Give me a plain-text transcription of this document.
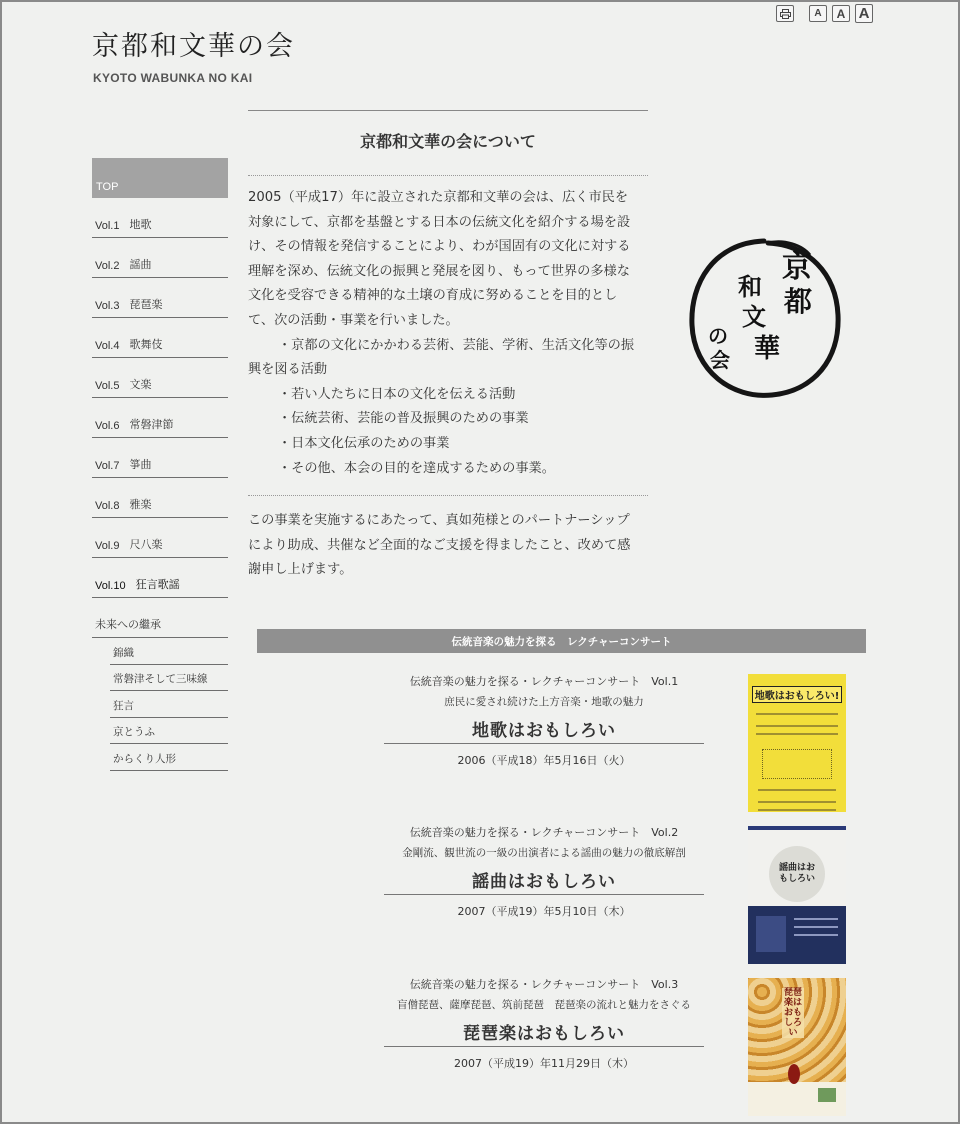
京都和文華の会
KYOTO WABUNKA NO KAI
A	A A
TOP
Vol.1 地歌
Vol.2 謡曲
Vol.3 琵琶楽
Vol.4 歌舞伎
Vol.5 文楽
Vol.6 常磐津節
Vol.7 箏曲
Vol.8 雅楽
Vol.9 尺八楽
Vol.10 狂言歌謡
未来への繼承
錦織
常磐津そして三味線
狂言
京とうふ
からくり人形
京都和文華の会について

2005（平成17）年に設立された京都和文華の会は、広く市民を

対象にして、京都を基盤とする日本の伝統文化を紹介する場を設

け、その情報を発信することにより、わが国固有の文化に対する

理解を深め、伝統文化の振興と発展を図り、もって世界の多様な

文化を受容できる精神的な土壌の育成に努めることを目的とし

て、次の活動・事業を行いました。

・京都の文化にかかわる芸術、芸能、学術、生活文化等の振

興を図る活動

・若い人たちに日本の文化を伝える活動

・伝統芸術、芸能の普及振興のための事業

・日本文化伝承のための事業

・その他、本会の目的を達成するための事業。

この事業を実施するにあたって、真如苑様とのパートナーシップ

により助成、共催など全面的なご支援を得ましたこと、改めて感

謝申し上げます。

京
都
和
文
華
の
会
伝統音楽の魅力を探る　レクチャーコンサート
伝統音楽の魅力を探る・レクチャーコンサート　Vol.1
庶民に愛され続けた上方音楽・地歌の魅力
地歌はおもしろい
2006（平成18）年5月16日（火）
地歌はおもしろい!
伝統音楽の魅力を探る・レクチャーコンサート　Vol.2
金剛流、観世流の一級の出演者による謡曲の魅力の徹底解剖
謡曲はおもしろい
2007（平成19）年5月10日（木）
謡曲はおもしろい
伝統音楽の魅力を探る・レクチャーコンサート　Vol.3
盲僧琵琶、薩摩琵琶、筑前琵琶　琵琶楽の流れと魅力をさぐる
琵琶楽はおもしろい
2007（平成19）年11月29日（木）
琵琶楽はおもしろい
